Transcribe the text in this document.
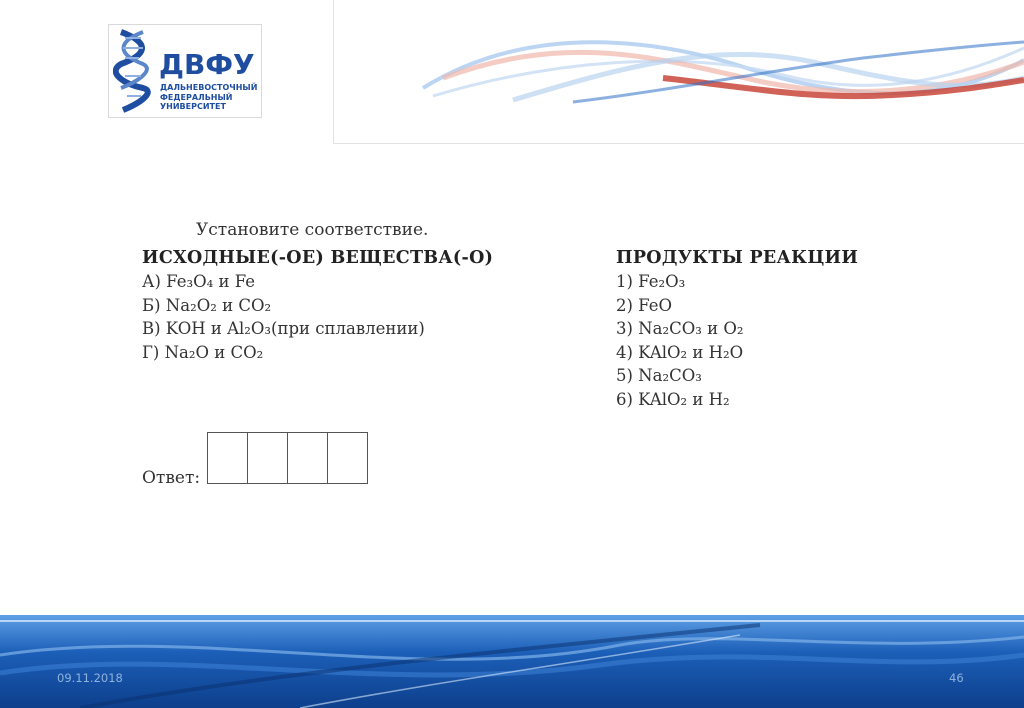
ДВФУ
ДАЛЬНЕВОСТОЧНЫЙ
ФЕДЕРАЛЬНЫЙ
УНИВЕРСИТЕТ
Установите соответствие.
ИСХОДНЫЕ(-ОЕ) ВЕЩЕСТВА(-О)
А) Fe₃O₄ и Fe
Б) Na₂O₂ и CO₂
В) KOH и Al₂O₃(при сплавлении)
Г) Na₂O и CO₂
ПРОДУКТЫ РЕАКЦИИ
1) Fe₂O₃
2) FeO
3) Na₂CO₃ и O₂
4) KAlO₂ и H₂O
5) Na₂CO₃
6) KAlO₂ и H₂
Ответ:
09.11.2018	46
